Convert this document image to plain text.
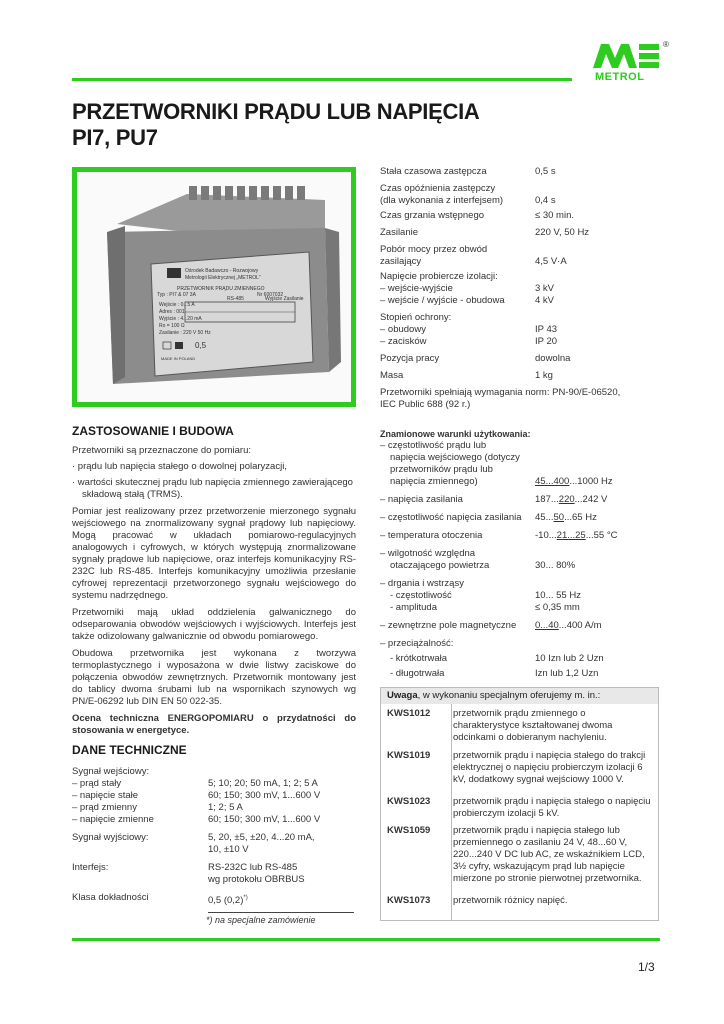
METROL
®
PRZETWORNIKI PRĄDU LUB NAPIĘCIA
PI7, PU7
Ośrodek Badawczo - Rozwojowy
Metrologii Elektrycznej „METROL”
PRZETWORNIK PRĄDU ZMIENNEGO
Typ : PI7 & 07 3A	Nr 6007032
Wejście : 0...5 A
Adres : 001
Wyjście : 4...20 mA
Ro = 100 Ω
Zasilanie : 220 V 50 Hz
RS-485	Wyjście Zasilanie
0,5
MADE IN POLAND

ZASTOSOWANIE I BUDOWA

Przetworniki są przeznaczone do pomiaru:

· prądu lub napięcia stałego o dowolnej polaryzacji,

· wartości skutecznej prądu lub napięcia zmiennego zawierającego

składową stałą (TRMS).

Pomiar jest realizowany przez przetworzenie mierzonego sygnału wejściowego na znormalizowany sygnał prądowy lub napięciowy. Mogą pracować w układach pomiarowo-regulacyjnych analogowych i cyfrowych, w których występują znormalizowane sygnały prądowe lub napięciowe, oraz interfejs komunikacyjny RS-232C lub RS-485. Interfejs komunikacyjny umożliwia przesłanie cyfrowej reprezentacji przetworzonego sygnału wejściowego do systemu nadrzędnego.

Przetworniki mają układ oddzielenia galwanicznego do odseparowania obwodów wejściowych i wyjściowych. Interfejs jest także odizolowany galwanicznie od obwodu pomiarowego.

Obudowa przetwornika jest wykonana z tworzywa termoplastycznego i wyposażona w dwie listwy zaciskowe do połączenia obwodów zewnętrznych. Przetwornik montowany jest do tablicy dwoma śrubami lub na wspornikach szynowych wg PN/E-06292 lub DIN EN 50 022-35.

Ocena techniczna ENERGOPOMIARU o przydatności do stosowania w energetyce.

DANE TECHNICZNE

Sygnał wejściowy:
– prąd stały	5; 10; 20; 50 mA, 1; 2; 5 A
– napięcie stałe	60; 150; 300 mV, 1...600 V
– prąd zmienny	1; 2; 5 A
– napięcie zmienne	60; 150; 300 mV, 1...600 V
Sygnał wyjściowy:	5, 20, ±5, ±20, 4...20 mA,
10, ±10 V
Interfejs:	RS-232C lub RS-485
wg protokołu OBRBUS
Klasa dokładności	0,5 (0,2)*)
*) na specjalne zamówienie
Stała czasowa zastępcza	0,5 s
Czas opóźnienia zastępczy
(dla wykonania z interfejsem)	0,4 s
Czas grzania wstępnego	≤ 30 min.
Zasilanie	220 V, 50 Hz
Pobór mocy przez obwód
zasilający	4,5 V·A
Napięcie probiercze izolacji:
– wejście-wyjście	3 kV
– wejście / wyjście - obudowa	4 kV
Stopień ochrony:
– obudowy	IP 43
– zacisków	IP 20
Pozycja pracy	dowolna
Masa	1 kg
Przetworniki spełniają wymagania norm: PN-90/E-06520,
IEC Public 688 (92 r.)
Znamionowe warunki użytkowania:
– częstotliwość prądu lub
napięcia wejściowego (dotyczy
przetworników prądu lub
napięcia zmiennego)	45...400...1000 Hz
– napięcia zasilania	187...220...242 V
– częstotliwość napięcia zasilania	45...50...65 Hz
– temperatura otoczenia	-10...21...25...55 °C
– wilgotność względna
otaczającego powietrza	30... 80%
– drgania i wstrząsy
- częstotliwość	10... 55 Hz
- amplituda	≤ 0,35 mm
– zewnętrzne pole magnetyczne	0...40...400 A/m
– przeciążalność:
- krótkotrwała	10 Izn lub 2 Uzn
- długotrwała	Izn lub 1,2 Uzn
Uwaga, w wykonaniu specjalnym oferujemy m. in.:
KWS1012	przetwornik prądu zmiennego o charakterystyce kształtowanej dwoma odcinkami o dobieranym nachyleniu.
KWS1019	przetwornik prądu i napięcia stałego do trakcji elektrycznej o napięciu probierczym izolacji 6 kV, dodatkowy sygnał wejściowy 1000 V.
KWS1023	przetwornik prądu i napięcia stałego o napięciu probierczym izolacji 5 kV.
KWS1059	przetwornik prądu i napięcia stałego lub przemiennego o zasilaniu 24 V, 48...60 V, 220...240 V DC lub AC, ze wskaźnikiem LCD, 3½ cyfry, wskazującym prąd lub napięcie mierzone po stronie pierwotnej przetwornika.
KWS1073	przetwornik różnicy napięć.
1/3
